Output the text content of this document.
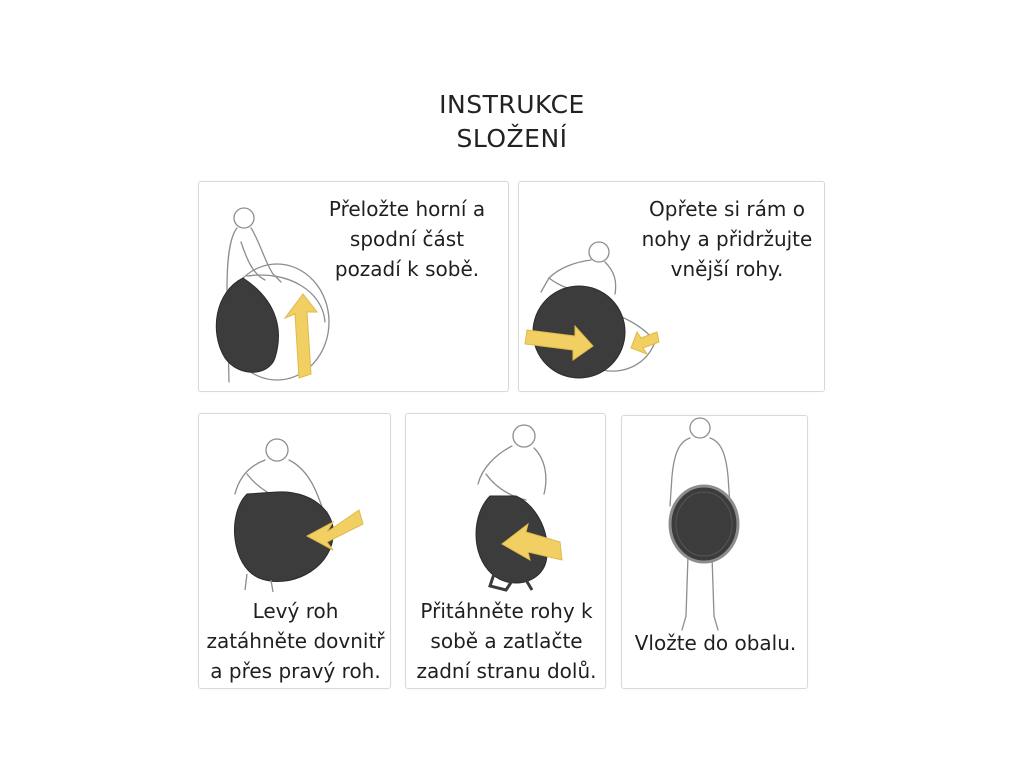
INSTRUKCE
SLOŽENÍ
Přeložte horní a
spodní část
pozadí k sobě.
Opřete si rám o
nohy a přidržujte
vnější rohy.
Levý roh
zatáhněte dovnitř
a přes pravý roh.
Přitáhněte rohy k
sobě a zatlačte
zadní stranu dolů.
Vložte do obalu.
